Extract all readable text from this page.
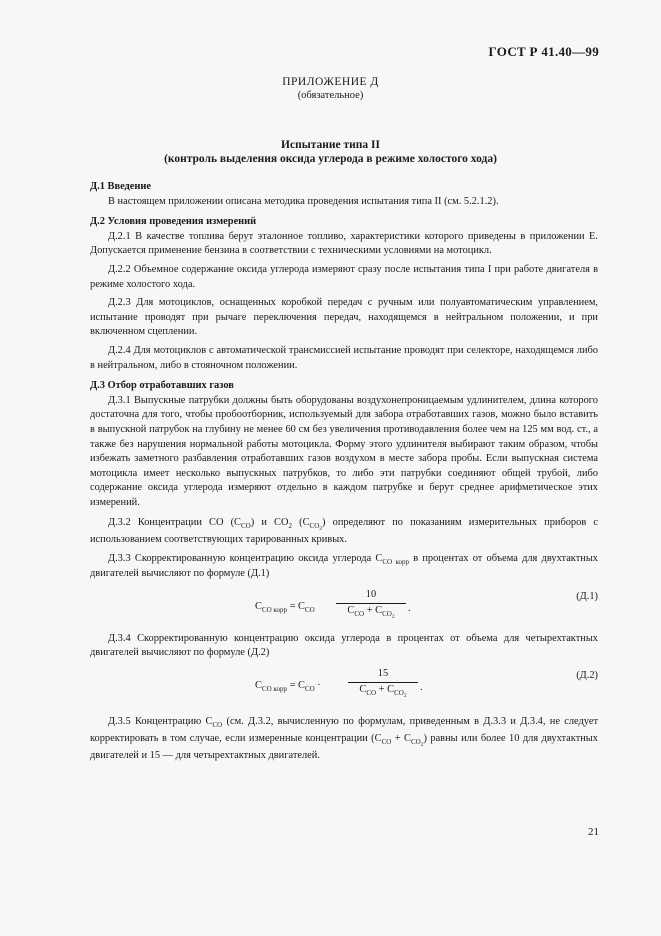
ГОСТ Р 41.40—99
ПРИЛОЖЕНИЕ Д
(обязательное)
Испытание типа II
(контроль выделения оксида углерода в режиме холостого хода)
Д.1 Введение

В настоящем приложении описана методика проведения испытания типа II (см. 5.2.1.2).

Д.2 Условия проведения измерений

Д.2.1 В качестве топлива берут эталонное топливо, характеристики которого приведены в приложении Е. Допускается применение бензина в соответствии с техническими условиями на мотоцикл.

Д.2.2 Объемное содержание оксида углерода измеряют сразу после испытания типа I при работе двигателя в режиме холостого хода.

Д.2.3 Для мотоциклов, оснащенных коробкой передач с ручным или полуавтоматическим управлением, испытание проводят при рычаге переключения передач, находящемся в нейтральном положении, и при включенном сцеплении.

Д.2.4 Для мотоциклов с автоматической трансмиссией испытание проводят при селекторе, находящемся либо в нейтральном, либо в стояночном положении.

Д.3 Отбор отработавших газов

Д.3.1 Выпускные патрубки должны быть оборудованы воздухонепроницаемым удлинителем, длина которого достаточна для того, чтобы пробоотборник, используемый для забора отработавших газов, можно было вставить в выпускной патрубок на глубину не менее 60 см без увеличения противодавления более чем на 125 мм вод. ст., а также без нарушения нормальной работы мотоцикла. Форму этого удлинителя выбирают таким образом, чтобы избежать заметного разбавления отработавших газов воздухом в месте забора пробы. Если выпускная система мотоцикла имеет несколько выпускных патрубков, то либо эти патрубки соединяют общей трубой, либо содержание оксида углерода измеряют отдельно в каждом патрубке и берут среднее арифметическое этих измерений.

Д.3.2 Концентрации СО $(С_{CO})$ и $СО_2$ $(С_{CO_2})$ определяют по показаниям измерительных приборов с использованием соответствующих тарированных кривых.

Д.3.3 Скорректированную концентрацию оксида углерода $С_{CO корр}$ в процентах от объема для двухтактных двигателей вычисляют по формуле (Д.1)

$С_{CO корр} = С_{CO}$
10
$С_{CO} + С_{CO_2}$
.
(Д.1)

Д.3.4 Скорректированную концентрацию оксида углерода в процентах от объема для четырехтактных двигателей вычисляют по формуле (Д.2)

$С_{CO корр} = С_{CO}$ ·
15
$С_{CO} + С_{CO_2}$
.
(Д.2)

Д.3.5 Концентрацию $С_{CO}$ (см. Д.3.2, вычисленную по формулам, приведенным в Д.3.3 и Д.3.4, не следует корректировать в том случае, если измеренные концентрации $(С_{CO} + С_{CO_2})$ равны или более 10 для двухтактных двигателей и 15 — для четырехтактных двигателей.

21
